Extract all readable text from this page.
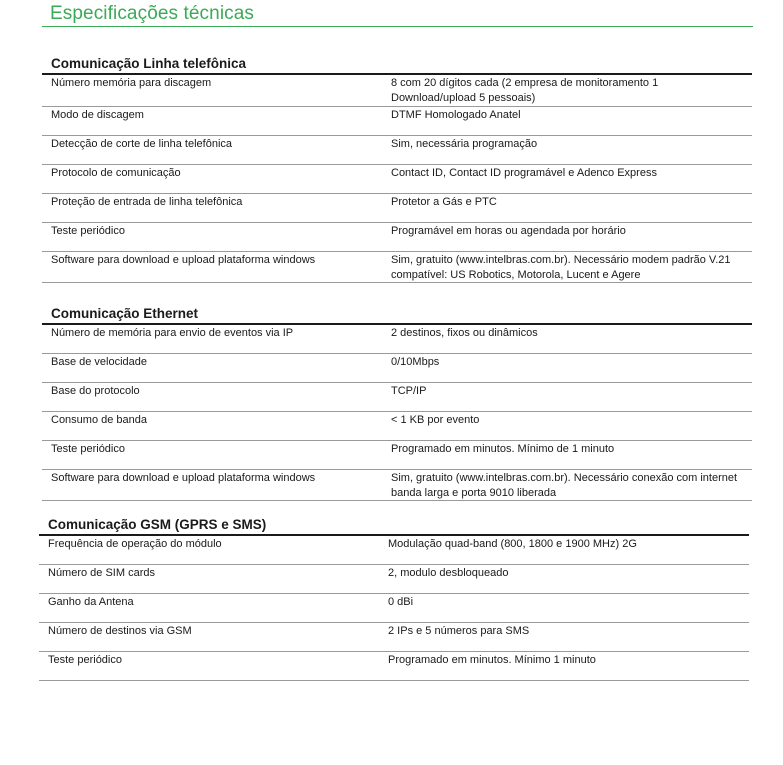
Especificações técnicas
Comunicação Linha telefônica
Número memória para discagem	8 com 20 dígitos cada (2 empresa de monitoramento 1 Download/upload 5 pessoais)
Modo de discagem	DTMF Homologado Anatel
Detecção de corte de linha telefônica	Sim, necessária programação
Protocolo de comunicação	Contact ID, Contact ID programável e Adenco Express
Proteção de entrada de linha telefônica	Protetor a Gás e PTC
Teste periódico	Programável em horas ou agendada por horário
Software para download e upload plataforma windows	Sim, gratuito (www.intelbras.com.br). Necessário modem padrão V.21 compatível: US Robotics, Motorola, Lucent e Agere
Comunicação Ethernet
Número de memória para envio de eventos via IP	2 destinos, fixos ou dinâmicos
Base de velocidade	0/10Mbps
Base do protocolo	TCP/IP
Consumo de banda	< 1 KB por evento
Teste periódico	Programado em minutos. Mínimo de 1 minuto
Software para download e upload plataforma windows	Sim, gratuito (www.intelbras.com.br). Necessário conexão com internet banda larga e porta 9010 liberada
Comunicação GSM (GPRS e SMS)
Frequência de operação do módulo	Modulação quad-band (800, 1800 e 1900 MHz) 2G
Número de SIM cards	2, modulo desbloqueado
Ganho da Antena	0 dBi
Número de destinos via GSM	2 IPs e 5 números para SMS
Teste periódico	Programado em minutos. Mínimo 1 minuto
